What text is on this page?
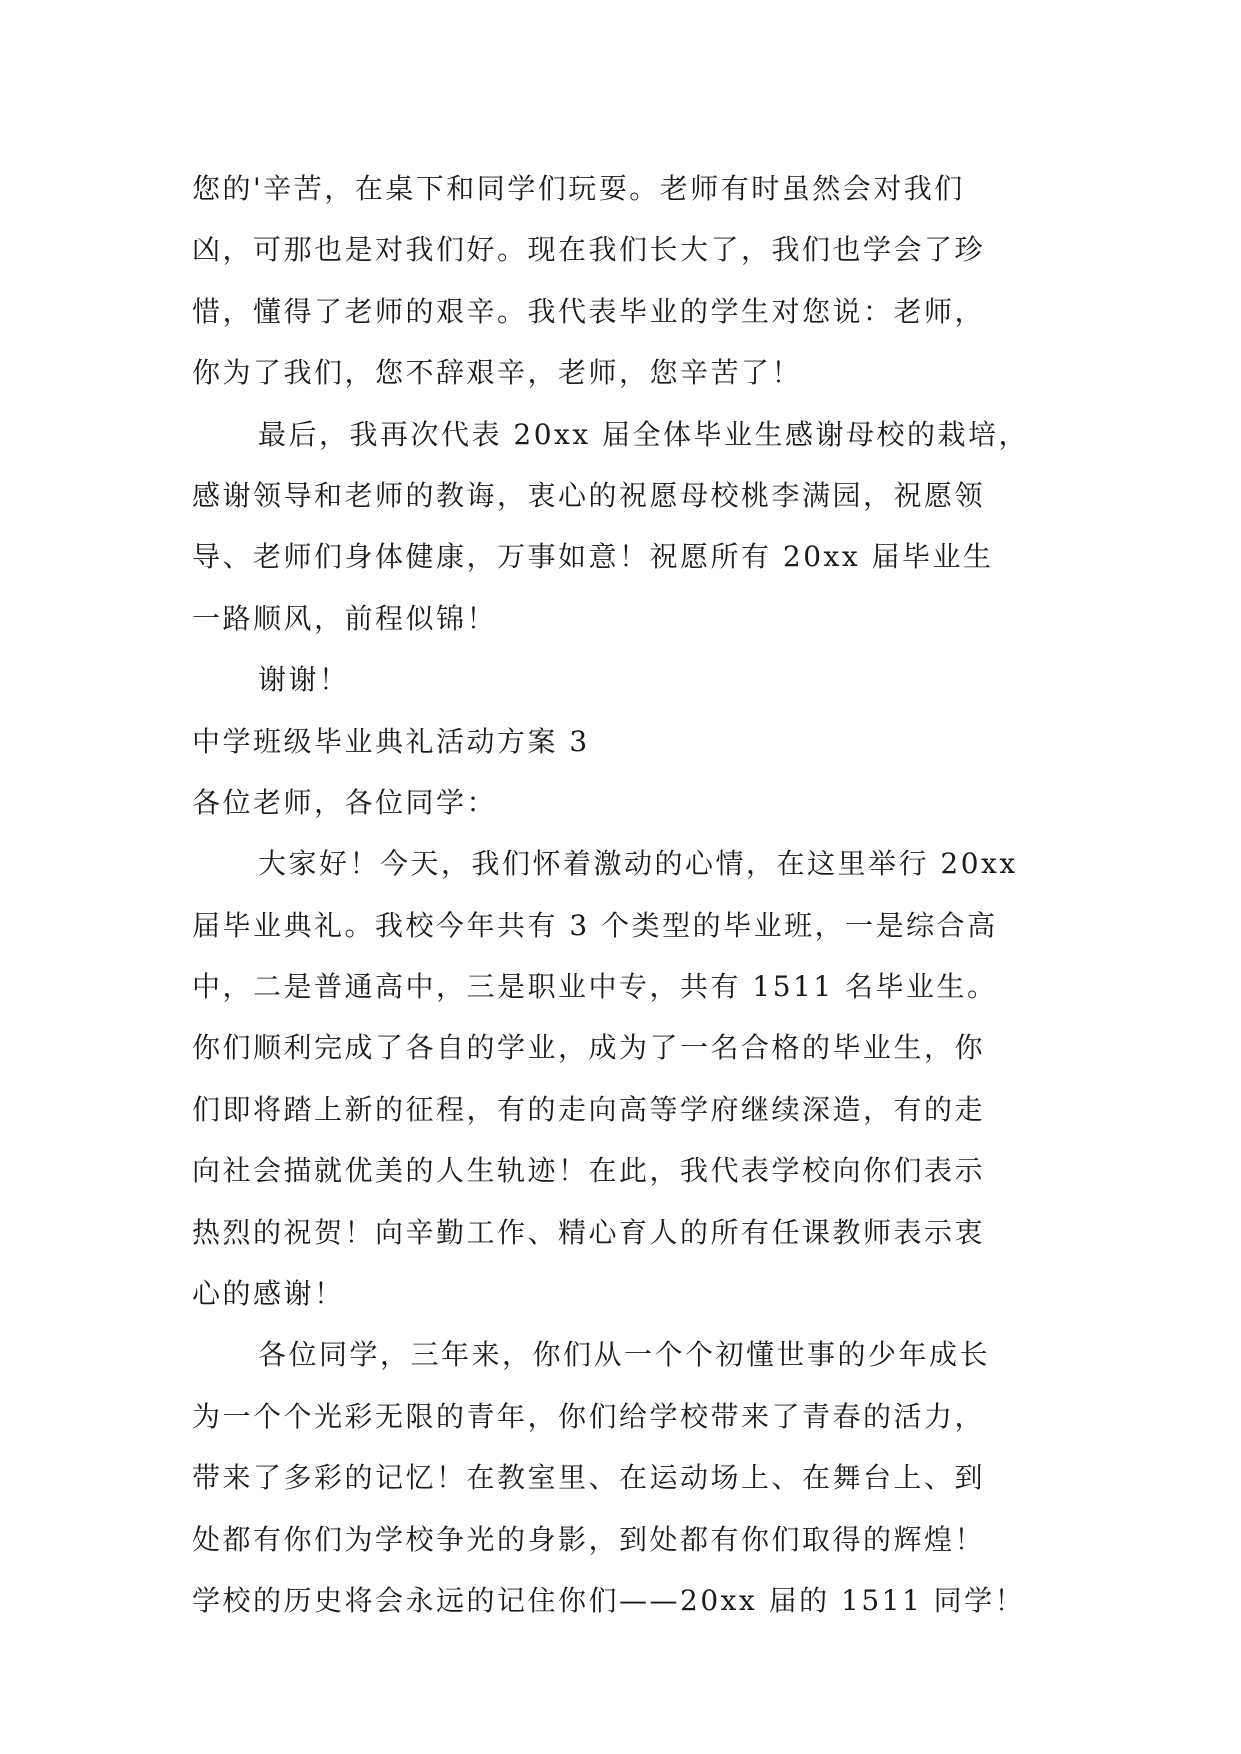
您的'辛苦，在桌下和同学们玩耍。老师有时虽然会对我们
凶，可那也是对我们好。现在我们长大了，我们也学会了珍
惜，懂得了老师的艰辛。我代表毕业的学生对您说：老师，
你为了我们，您不辞艰辛，老师，您辛苦了！
最后，我再次代表 20xx 届全体毕业生感谢母校的栽培，
感谢领导和老师的教诲，衷心的祝愿母校桃李满园，祝愿领
导、老师们身体健康，万事如意！祝愿所有 20xx 届毕业生
一路顺风，前程似锦！
谢谢！
中学班级毕业典礼活动方案 3
各位老师，各位同学：
大家好！今天，我们怀着激动的心情，在这里举行 20xx
届毕业典礼。我校今年共有 3 个类型的毕业班，一是综合高
中，二是普通高中，三是职业中专，共有 1511 名毕业生。
你们顺利完成了各自的学业，成为了一名合格的毕业生，你
们即将踏上新的征程，有的走向高等学府继续深造，有的走
向社会描就优美的人生轨迹！在此，我代表学校向你们表示
热烈的祝贺！向辛勤工作、精心育人的所有任课教师表示衷
心的感谢！
各位同学，三年来，你们从一个个初懂世事的少年成长
为一个个光彩无限的青年，你们给学校带来了青春的活力，
带来了多彩的记忆！在教室里、在运动场上、在舞台上、到
处都有你们为学校争光的身影，到处都有你们取得的辉煌！
学校的历史将会永远的记住你们——20xx 届的 1511 同学！
